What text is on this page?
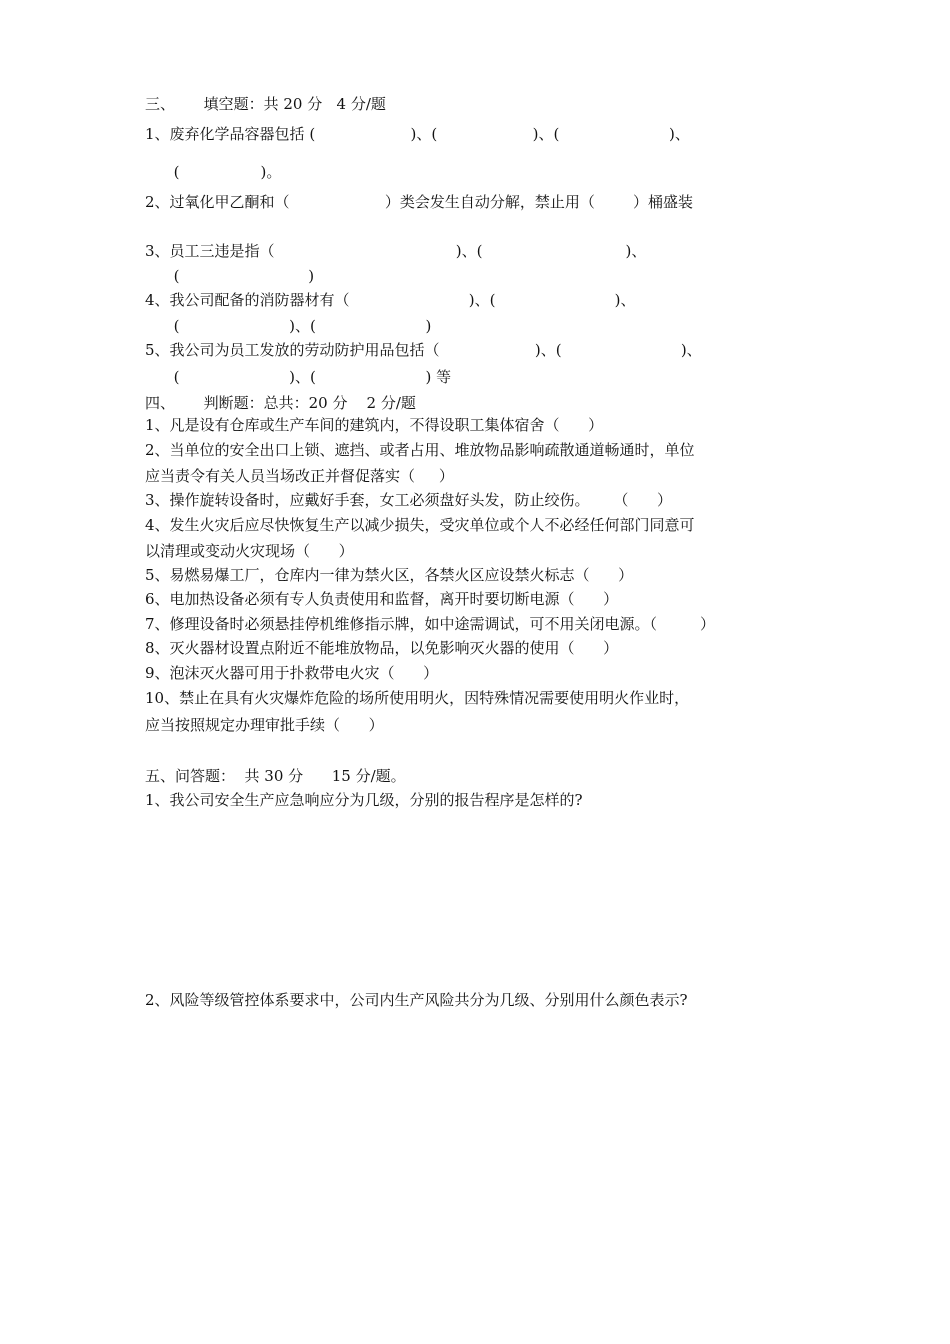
三、      填空题：共 20 分   4 分/题
1、废弃化学品容器包括 (                    )、(                    )、(                       )、
(                 )。
2、过氧化甲乙酮和（                    ）类会发生自动分解，禁止用（        ）桶盛装
3、员工三违是指（                                      )、(                              )、
(                           )
4、我公司配备的消防器材有（                         )、(                         )、
(                       )、(                       )
5、我公司为员工发放的劳动防护用品包括（                    )、(                         )、
(                       )、(                       ) 等
四、      判断题：总共：20 分    2 分/题
1、凡是设有仓库或生产车间的建筑内，不得设职工集体宿舍（      ）
2、当单位的安全出口上锁、遮挡、或者占用、堆放物品影响疏散通道畅通时，单位
应当责令有关人员当场改正并督促落实（     ）
3、操作旋转设备时，应戴好手套，女工必须盘好头发，防止绞伤。     （      ）
4、发生火灾后应尽快恢复生产以减少损失，受灾单位或个人不必经任何部门同意可
以清理或变动火灾现场（      ）
5、易燃易爆工厂，仓库内一律为禁火区，各禁火区应设禁火标志（      ）
6、电加热设备必须有专人负责使用和监督，离开时要切断电源（      ）
7、修理设备时必须悬挂停机维修指示牌，如中途需调试，可不用关闭电源。（         ）
8、灭火器材设置点附近不能堆放物品，以免影响灭火器的使用（      ）
9、泡沫灭火器可用于扑救带电火灾（      ）
10、禁止在具有火灾爆炸危险的场所使用明火，因特殊情况需要使用明火作业时，
应当按照规定办理审批手续（      ）
五、问答题：  共 30 分      15 分/题。
1、我公司安全生产应急响应分为几级，分别的报告程序是怎样的?
2、风险等级管控体系要求中，公司内生产风险共分为几级、分别用什么颜色表示?
